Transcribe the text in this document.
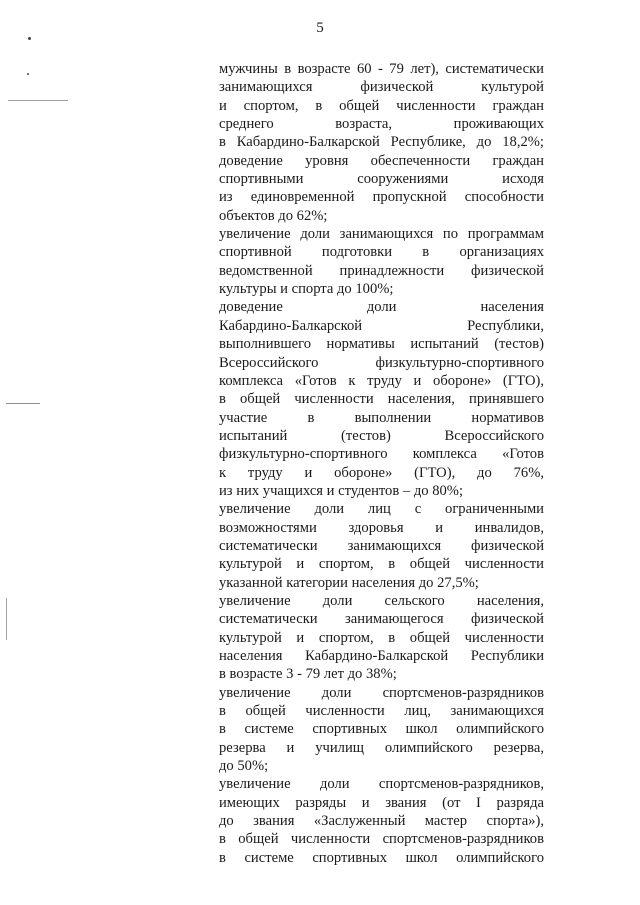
5
мужчины в возрасте 60 - 79 лет), систематически
занимающихся физической культурой
и спортом, в общей численности граждан
среднего возраста, проживающих
в Кабардино-Балкарской Республике, до 18,2%;
доведение уровня обеспеченности граждан
спортивными сооружениями исходя
из единовременной пропускной способности
объектов до 62%;
увеличение доли занимающихся по программам
спортивной подготовки в организациях
ведомственной принадлежности физической
культуры и спорта до 100%;
доведение доли населения
Кабардино-Балкарской Республики,
выполнившего нормативы испытаний (тестов)
Всероссийского физкультурно-спортивного
комплекса «Готов к труду и обороне» (ГТО),
в общей численности населения, принявшего
участие в выполнении нормативов
испытаний (тестов) Всероссийского
физкультурно-спортивного комплекса «Готов
к труду и обороне» (ГТО), до 76%,
из них учащихся и студентов – до 80%;
увеличение доли лиц с ограниченными
возможностями здоровья и инвалидов,
систематически занимающихся физической
культурой и спортом, в общей численности
указанной категории населения до 27,5%;
увеличение доли сельского населения,
систематически занимающегося физической
культурой и спортом, в общей численности
населения Кабардино-Балкарской Республики
в возрасте 3 - 79 лет до 38%;
увеличение доли спортсменов-разрядников
в общей численности лиц, занимающихся
в системе спортивных школ олимпийского
резерва и училищ олимпийского резерва,
до 50%;
увеличение доли спортсменов-разрядников,
имеющих разряды и звания (от I разряда
до звания «Заслуженный мастер спорта»),
в общей численности спортсменов-разрядников
в системе спортивных школ олимпийского
